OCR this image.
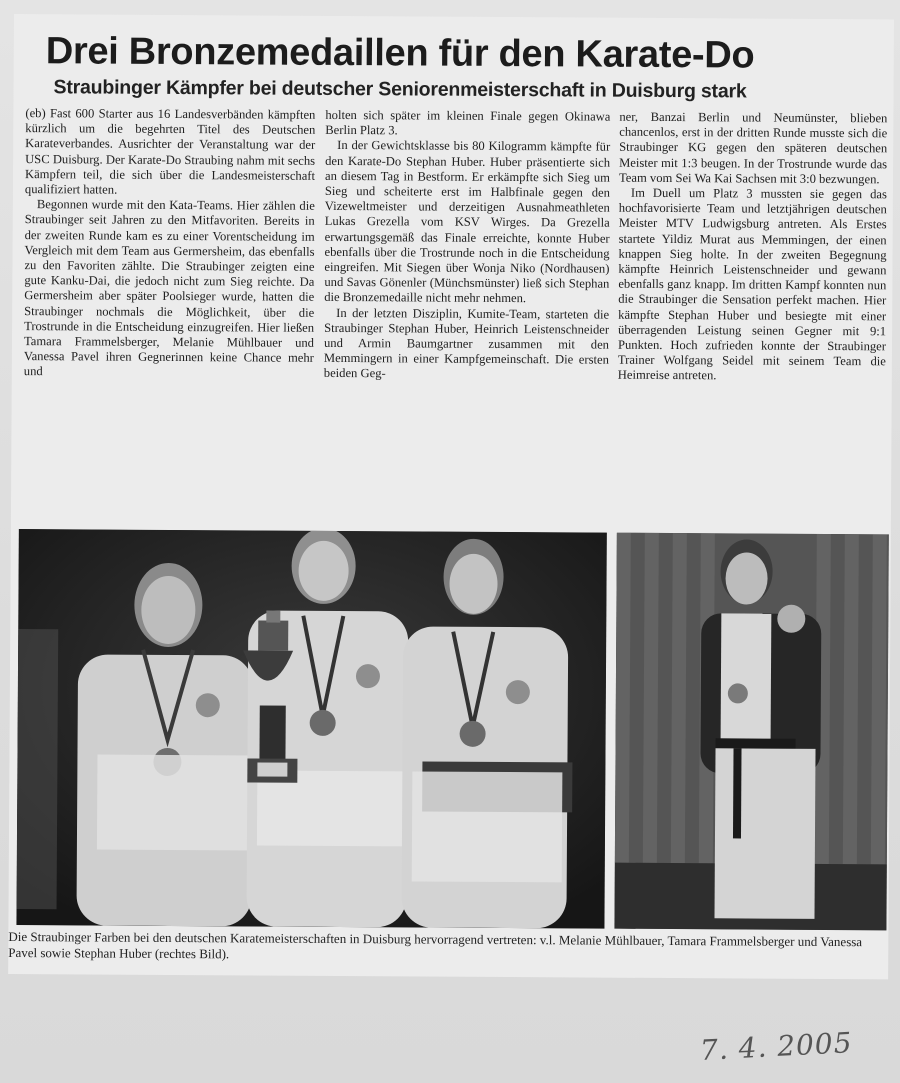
Drei Bronzemedaillen für den Karate-Do
Straubinger Kämpfer bei deutscher Seniorenmeisterschaft in Duisburg stark

(eb) Fast 600 Starter aus 16 Landesverbänden kämpften kürzlich um die begehrten Titel des Deutschen Karateverbandes. Ausrichter der Veranstaltung war der USC Duisburg. Der Karate-Do Straubing nahm mit sechs Kämpfern teil, die sich über die Landesmeisterschaft qualifiziert hatten.

Begonnen wurde mit den Kata-Teams. Hier zählen die Straubinger seit Jahren zu den Mitfavoriten. Bereits in der zweiten Runde kam es zu einer Vorentscheidung im Vergleich mit dem Team aus Germersheim, das ebenfalls zu den Favoriten zählte. Die Straubinger zeigten eine gute Kanku-Dai, die jedoch nicht zum Sieg reichte. Da Germersheim aber später Poolsieger wurde, hatten die Straubinger nochmals die Möglichkeit, über die Trostrunde in die Entscheidung einzugreifen. Hier ließen Tamara Frammelsberger, Melanie Mühlbauer und Vanessa Pavel ihren Gegnerinnen keine Chance mehr und

holten sich später im kleinen Finale gegen Okinawa Berlin Platz 3.

In der Gewichtsklasse bis 80 Kilogramm kämpfte für den Karate-Do Stephan Huber. Huber präsentierte sich an diesem Tag in Bestform. Er erkämpfte sich Sieg um Sieg und scheiterte erst im Halbfinale gegen den Vizeweltmeister und derzeitigen Ausnahmeathleten Lukas Grezella vom KSV Wirges. Da Grezella erwartungsgemäß das Finale erreichte, konnte Huber ebenfalls über die Trostrunde noch in die Entscheidung eingreifen. Mit Siegen über Wonja Niko (Nordhausen) und Savas Gönenler (Münchsmünster) ließ sich Stephan die Bronzemedaille nicht mehr nehmen.

In der letzten Disziplin, Kumite-Team, starteten die Straubinger Stephan Huber, Heinrich Leistenschneider und Armin Baumgartner zusammen mit den Memmingern in einer Kampfgemeinschaft. Die ersten beiden Geg-

ner, Banzai Berlin und Neumünster, blieben chancenlos, erst in der dritten Runde musste sich die Straubinger KG gegen den späteren deutschen Meister mit 1:3 beugen. In der Trostrunde wurde das Team vom Sei Wa Kai Sachsen mit 3:0 bezwungen.

Im Duell um Platz 3 mussten sie gegen das hochfavorisierte Team und letztjährigen deutschen Meister MTV Ludwigsburg antreten. Als Erstes startete Yildiz Murat aus Memmingen, der einen knappen Sieg holte. In der zweiten Begegnung kämpfte Heinrich Leistenschneider und gewann ebenfalls ganz knapp. Im dritten Kampf konnten nun die Straubinger die Sensation perfekt machen. Hier kämpfte Stephan Huber und besiegte mit einer überragenden Leistung seinen Gegner mit 9:1 Punkten. Hoch zufrieden konnte der Straubinger Trainer Wolfgang Seidel mit seinem Team die Heimreise antreten.

Die Straubinger Farben bei den deutschen Karatemeisterschaften in Duisburg hervorragend vertreten: v.l. Melanie Mühlbauer, Tamara Frammelsberger und Vanessa Pavel sowie Stephan Huber (rechtes Bild).
7. 4. 2005
